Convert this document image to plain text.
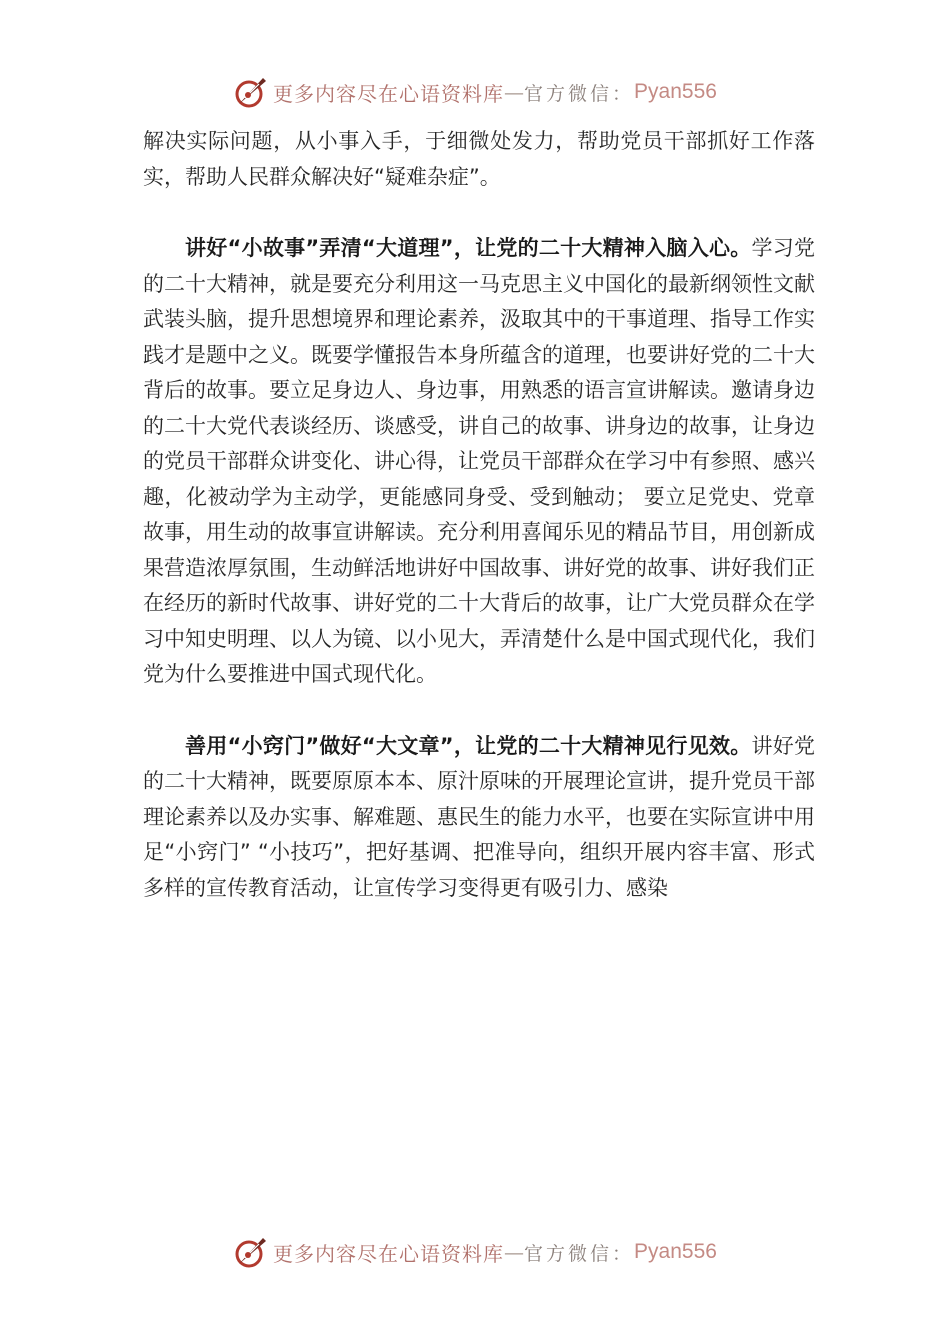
更多内容尽在心语资料库 — 官方微信： Pyan556

解决实际问题，从小事入手，于细微处发力，帮助党员干部抓好工作落实，帮助人民群众解决好“疑难杂症”。

讲好“小故事”弄清“大道理”，让党的二十大精神入脑入心。学习党的二十大精神，就是要充分利用这一马克思主义中国化的最新纲领性文献武装头脑，提升思想境界和理论素养，汲取其中的干事道理、指导工作实践才是题中之义。既要学懂报告本身所蕴含的道理，也要讲好党的二十大背后的故事。要立足身边人、身边事，用熟悉的语言宣讲解读。邀请身边的二十大党代表谈经历、谈感受，讲自己的故事、讲身边的故事，让身边的党员干部群众讲变化、讲心得，让党员干部群众在学习中有参照、感兴趣，化被动学为主动学，更能感同身受、受到触动； 要立足党史、党章故事，用生动的故事宣讲解读。充分利用喜闻乐见的精品节目，用创新成果营造浓厚氛围，生动鲜活地讲好中国故事、讲好党的故事、讲好我们正在经历的新时代故事、讲好党的二十大背后的故事，让广大党员群众在学习中知史明理、以人为镜、以小见大，弄清楚什么是中国式现代化，我们党为什么要推进中国式现代化。

善用“小窍门”做好“大文章”，让党的二十大精神见行见效。讲好党的二十大精神，既要原原本本、原汁原味的开展理论宣讲，提升党员干部理论素养以及办实事、解难题、惠民生的能力水平，也要在实际宣讲中用足“小窍门” “小技巧”，把好基调、把准导向，组织开展内容丰富、形式多样的宣传教育活动，让宣传学习变得更有吸引力、感染

更多内容尽在心语资料库 — 官方微信： Pyan556
